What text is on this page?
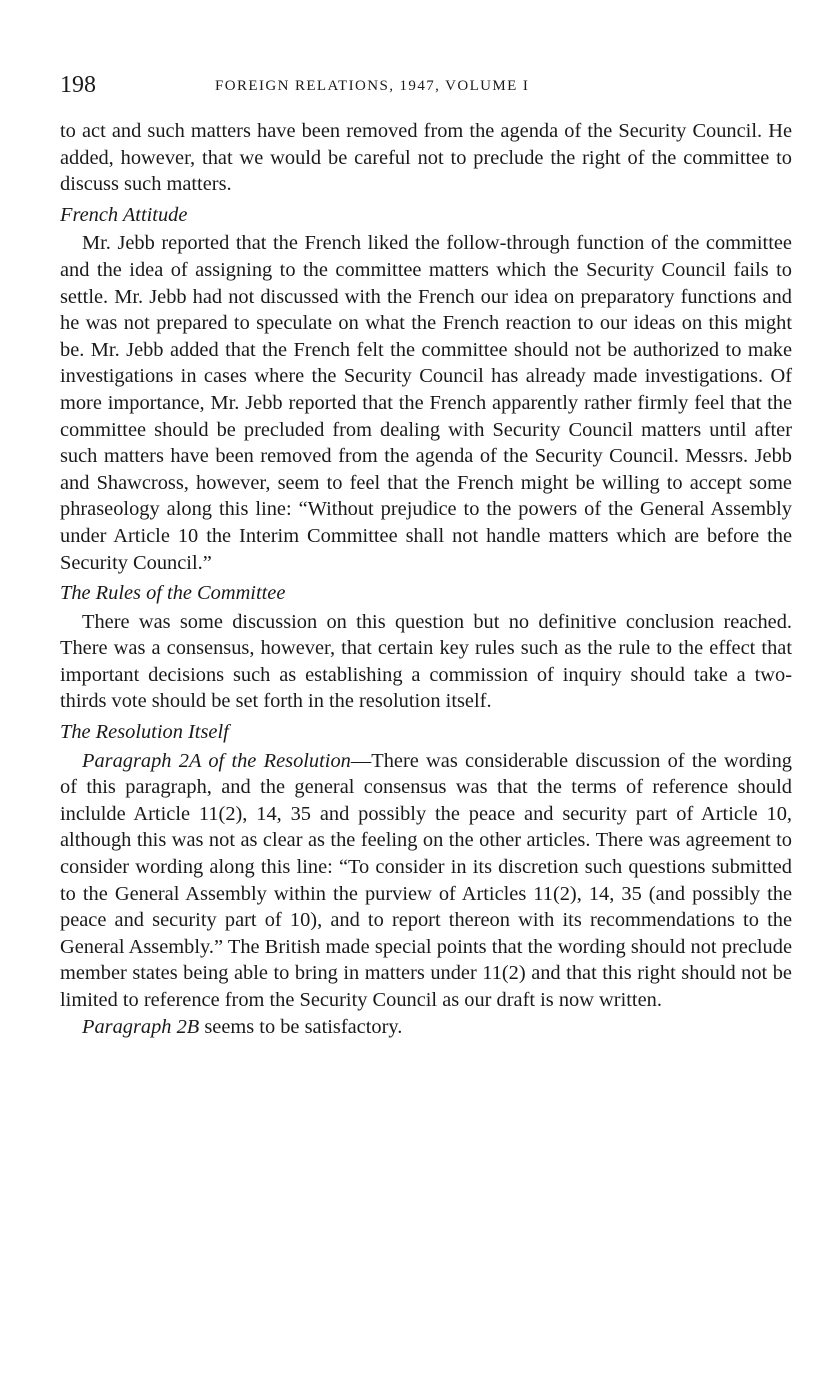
198	FOREIGN RELATIONS, 1947, VOLUME I

to act and such matters have been removed from the agenda of the Security Council. He added, however, that we would be careful not to preclude the right of the committee to discuss such matters.

French Attitude

Mr. Jebb reported that the French liked the follow-through function of the committee and the idea of assigning to the committee matters which the Security Council fails to settle. Mr. Jebb had not discussed with the French our idea on preparatory functions and he was not prepared to speculate on what the French reaction to our ideas on this might be. Mr. Jebb added that the French felt the committee should not be authorized to make investigations in cases where the Security Council has already made investigations. Of more importance, Mr. Jebb reported that the French apparently rather firmly feel that the committee should be precluded from dealing with Security Council matters until after such matters have been removed from the agenda of the Security Council. Messrs. Jebb and Shawcross, however, seem to feel that the French might be willing to accept some phraseology along this line: “Without prejudice to the powers of the General Assembly under Article 10 the Interim Committee shall not handle matters which are before the Security Council.”

The Rules of the Committee

There was some discussion on this question but no definitive conclusion reached. There was a consensus, however, that certain key rules such as the rule to the effect that important decisions such as establishing a commission of inquiry should take a two-thirds vote should be set forth in the resolution itself.

The Resolution Itself

Paragraph 2A of the Resolution—There was considerable discussion of the wording of this paragraph, and the general consensus was that the terms of reference should inclulde Article 11(2), 14, 35 and possibly the peace and security part of Article 10, although this was not as clear as the feeling on the other articles. There was agreement to consider wording along this line: “To consider in its discretion such questions submitted to the General Assembly within the purview of Articles 11(2), 14, 35 (and possibly the peace and security part of 10), and to report thereon with its recommendations to the General Assembly.” The British made special points that the wording should not preclude member states being able to bring in matters under 11(2) and that this right should not be limited to reference from the Security Council as our draft is now written.

Paragraph 2B seems to be satisfactory.
